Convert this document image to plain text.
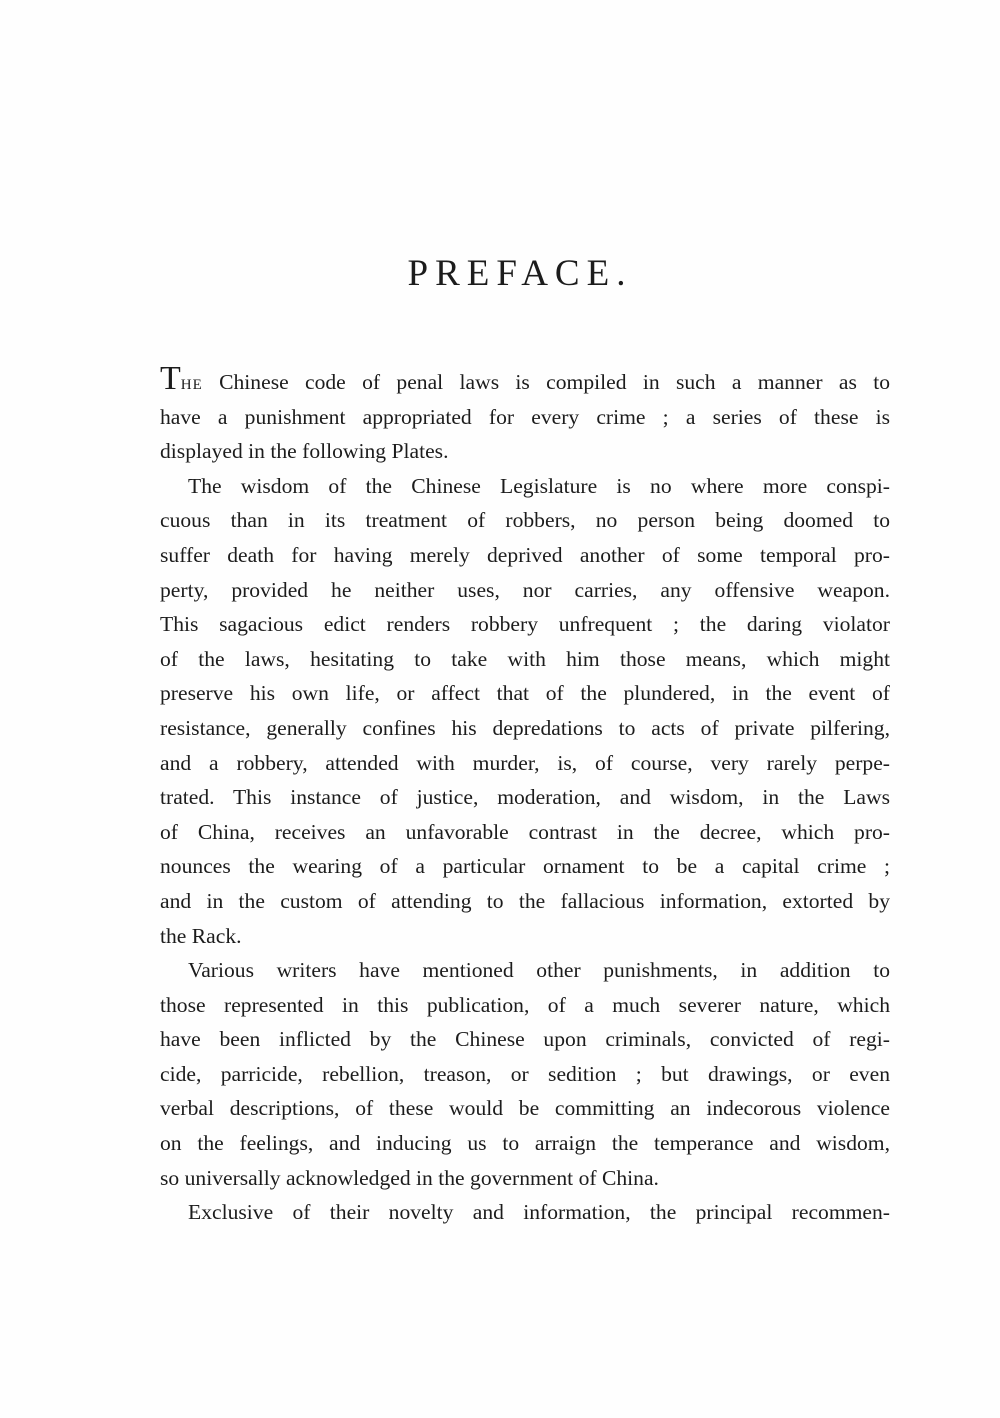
PREFACE.
THE Chinese code of penal laws is compiled in such a manner as to
have a punishment appropriated for every crime ; a series of these is
displayed in the following Plates.
The wisdom of the Chinese Legislature is no where more conspi-
cuous than in its treatment of robbers, no person being doomed to
suffer death for having merely deprived another of some temporal pro-
perty, provided he neither uses, nor carries, any offensive weapon.
This sagacious edict renders robbery unfrequent ; the daring violator
of the laws, hesitating to take with him those means, which might
preserve his own life, or affect that of the plundered, in the event of
resistance, generally confines his depredations to acts of private pilfering,
and a robbery, attended with murder, is, of course, very rarely perpe-
trated. This instance of justice, moderation, and wisdom, in the Laws
of China, receives an unfavorable contrast in the decree, which pro-
nounces the wearing of a particular ornament to be a capital crime ;
and in the custom of attending to the fallacious information, extorted by
the Rack.
Various writers have mentioned other punishments, in addition to
those represented in this publication, of a much severer nature, which
have been inflicted by the Chinese upon criminals, convicted of regi-
cide, parricide, rebellion, treason, or sedition ; but drawings, or even
verbal descriptions, of these would be committing an indecorous violence
on the feelings, and inducing us to arraign the temperance and wisdom,
so universally acknowledged in the government of China.
Exclusive of their novelty and information, the principal recommen-
